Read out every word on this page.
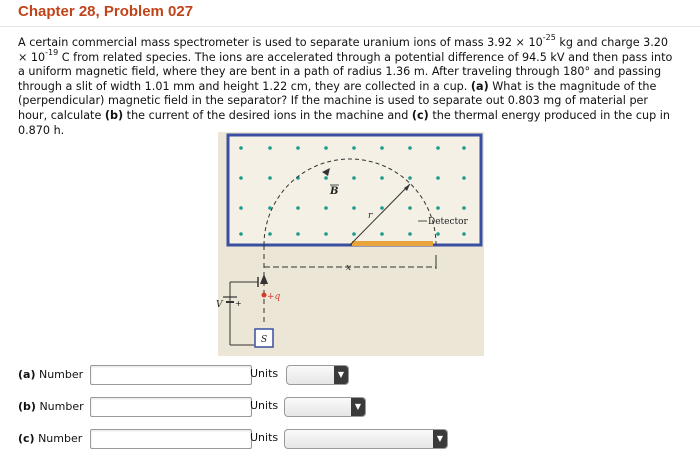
Chapter 28, Problem 027
A certain commercial mass spectrometer is used to separate uranium ions of mass $3.92 \times 10^{-25}$ kg and charge $3.20 \times 10^{-19}$ C from related species. The ions are accelerated through a potential difference of 94.5 kV and then pass into a uniform magnetic field, where they are bent in a path of radius 1.36 m. After traveling through 180° and passing through a slit of width 1.01 mm and height 1.22 cm, they are collected in a cup. (a) What is the magnitude of the (perpendicular) magnetic field in the separator? If the machine is used to separate out 0.803 mg of material per hour, calculate (b) the current of the desired ions in the machine and (c) the thermal energy produced in the cup in 0.870 h.
r
B
Detector
x
+q
V +
S
(a) Number	Units	▼
(b) Number	Units	▼
(c) Number	Units	▼
